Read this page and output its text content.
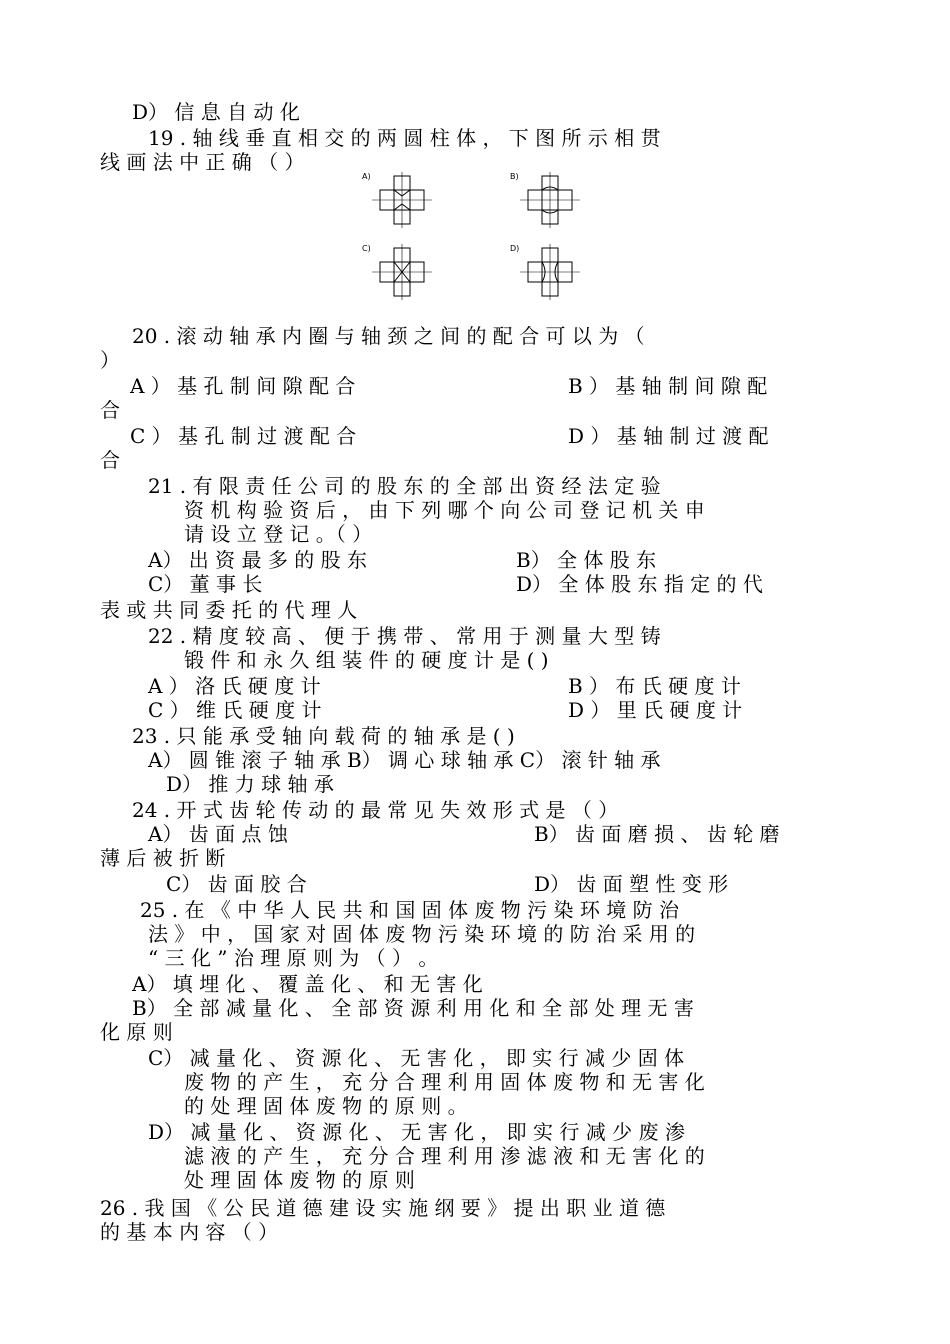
D） 信 息 自 动 化
19 . 轴 线 垂 直 相 交 的 两 圆 柱 体 ， 下 图 所 示 相 贯
线 画 法 中 正 确 （ ）
A)	B)
C)	D)
20 . 滚 动 轴 承 内 圈 与 轴 颈 之 间 的 配 合 可 以 为 （
）
A ） 基 孔 制 间 隙 配 合	B ） 基 轴 制 间 隙 配
合
C ） 基 孔 制 过 渡 配 合	D ） 基 轴 制 过 渡 配
合
21 . 有 限 责 任 公 司 的 股 东 的 全 部 出 资 经 法 定 验
资 机 构 验 资 后 ， 由 下 列 哪 个 向 公 司 登 记 机 关 申
请 设 立 登 记 。（ ）
A） 出 资 最 多 的 股 东	B） 全 体 股 东
C） 董 事 长	D） 全 体 股 东 指 定 的 代
表 或 共 同 委 托 的 代 理 人
22 . 精 度 较 高 、 便 于 携 带 、 常 用 于 测 量 大 型 铸
锻 件 和 永 久 组 装 件 的 硬 度 计 是 ( )
A ） 洛 氏 硬 度 计	B ） 布 氏 硬 度 计
C ） 维 氏 硬 度 计	D ） 里 氏 硬 度 计
23 . 只 能 承 受 轴 向 载 荷 的 轴 承 是 ( )
A） 圆 锥 滚 子 轴 承 B） 调 心 球 轴 承 C） 滚 针 轴 承
D） 推 力 球 轴 承
24 . 开 式 齿 轮 传 动 的 最 常 见 失 效 形 式 是 （ ）
A） 齿 面 点 蚀	B） 齿 面 磨 损 、 齿 轮 磨
薄 后 被 折 断
C） 齿 面 胶 合	D） 齿 面 塑 性 变 形
25 . 在 《 中 华 人 民 共 和 国 固 体 废 物 污 染 环 境 防 治
法 》 中 ， 国 家 对 固 体 废 物 污 染 环 境 的 防 治 采 用 的
“ 三 化 ” 治 理 原 则 为 （ ） 。
A） 填 埋 化 、 覆 盖 化 、 和 无 害 化
B） 全 部 减 量 化 、 全 部 资 源 利 用 化 和 全 部 处 理 无 害
化 原 则
C） 减 量 化 、 资 源 化 、 无 害 化 ， 即 实 行 减 少 固 体
废 物 的 产 生 ， 充 分 合 理 利 用 固 体 废 物 和 无 害 化
的 处 理 固 体 废 物 的 原 则 。
D） 减 量 化 、 资 源 化 、 无 害 化 ， 即 实 行 减 少 废 渗
滤 液 的 产 生 ， 充 分 合 理 利 用 渗 滤 液 和 无 害 化 的
处 理 固 体 废 物 的 原 则
26 . 我 国 《 公 民 道 德 建 设 实 施 纲 要 》 提 出 职 业 道 德
的 基 本 内 容 （ ）
